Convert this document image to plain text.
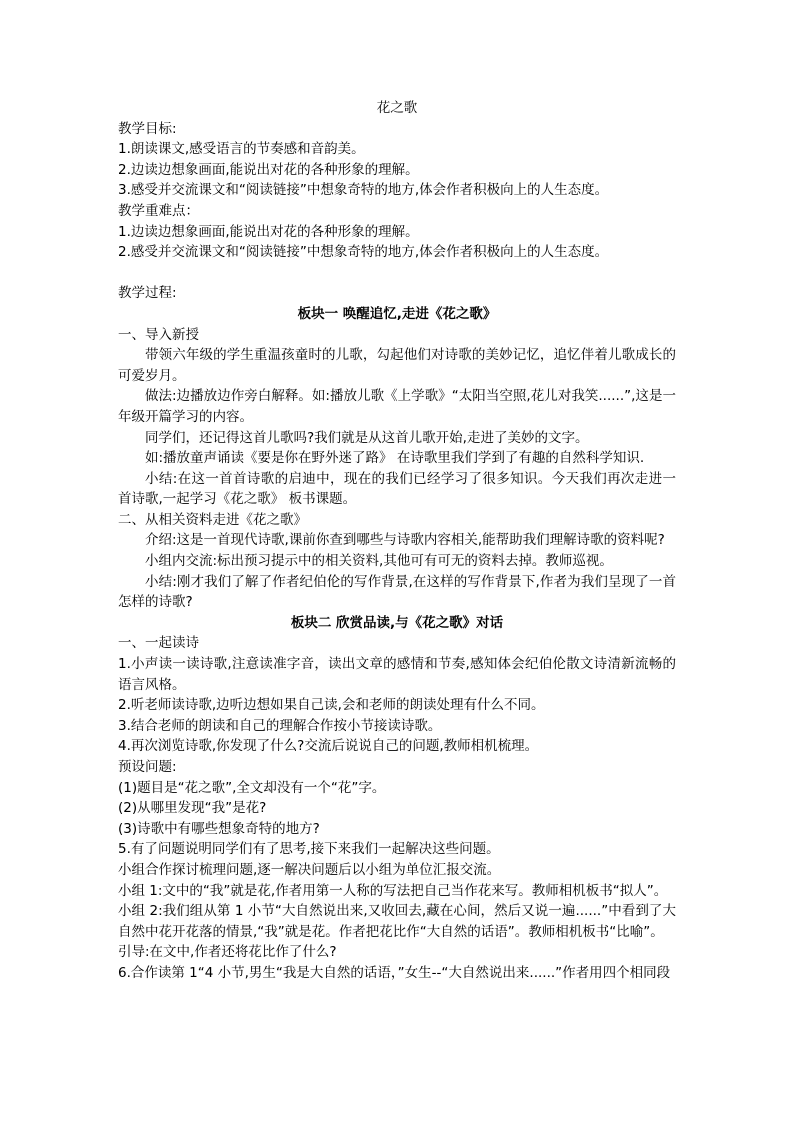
花之歌
教学目标:
1.朗读课文,感受语言的节奏感和音韵美。
2.边读边想象画面,能说出对花的各种形象的理解。
3.感受并交流课文和“阅读链接”中想象奇特的地方,体会作者积极向上的人生态度。
教学重难点：
1.边读边想象画面,能说出对花的各种形象的理解。
2.感受并交流课文和“阅读链接”中想象奇特的地方,体会作者积极向上的人生态度。
教学过程:
板块一 唤醒追忆,走进《花之歌》
一、导入新授
带领六年级的学生重温孩童时的儿歌，勾起他们对诗歌的美妙记忆，追忆伴着儿歌成长的可爱岁月。
做法:边播放边作旁白解释。如:播放儿歌《上学歌》“太阳当空照,花儿对我笑......”,这是一年级开篇学习的内容。
同学们，还记得这首儿歌吗?我们就是从这首儿歌开始,走进了美妙的文字。
如:播放童声诵读《要是你在野外迷了路》 在诗歌里我们学到了有趣的自然科学知识.
小结:在这一首首诗歌的启迪中，现在的我们已经学习了很多知识。今天我们再次走进一首诗歌,一起学习《花之歌》 板书课题。
二、从相关资料走进《花之歌》
介绍:这是一首现代诗歌,课前你查到哪些与诗歌内容相关,能帮助我们理解诗歌的资料呢?
小组内交流:标出预习提示中的相关资料,其他可有可无的资料去掉。教师巡视。
小结:刚才我们了解了作者纪伯伦的写作背景,在这样的写作背景下,作者为我们呈现了一首怎样的诗歌?
板块二 欣赏品读,与《花之歌》对话
一、一起读诗
1.小声读一读诗歌,注意读准字音，读出文章的感情和节奏,感知体会纪伯伦散文诗清新流畅的语言风格。
2.听老师读诗歌,边听边想如果自己读,会和老师的朗读处理有什么不同。
3.结合老师的朗读和自己的理解合作按小节接读诗歌。
4.再次浏览诗歌,你发现了什么?交流后说说自己的问题,教师相机梳理。
预设问题:
(1)题目是“花之歌”,全文却没有一个“花”字。
(2)从哪里发现“我”是花?
(3)诗歌中有哪些想象奇特的地方?
5.有了问题说明同学们有了思考,接下来我们一起解决这些问题。
小组合作探讨梳理问题,逐一解决问题后以小组为单位汇报交流。
小组 1:文中的“我”就是花,作者用第一人称的写法把自己当作花来写。教师相机板书“拟人”。
小组 2:我们组从第 1 小节“大自然说出来,又收回去,藏在心间，然后又说一遍......”中看到了大自然中花开花落的情景,“我”就是花。作者把花比作“大自然的话语”。教师相机板书“比喻”。
引导:在文中,作者还将花比作了什么?
6.合作读第 1“4 小节,男生“我是大自然的话语，”女生--“大自然说出来......”作者用四个相同段
